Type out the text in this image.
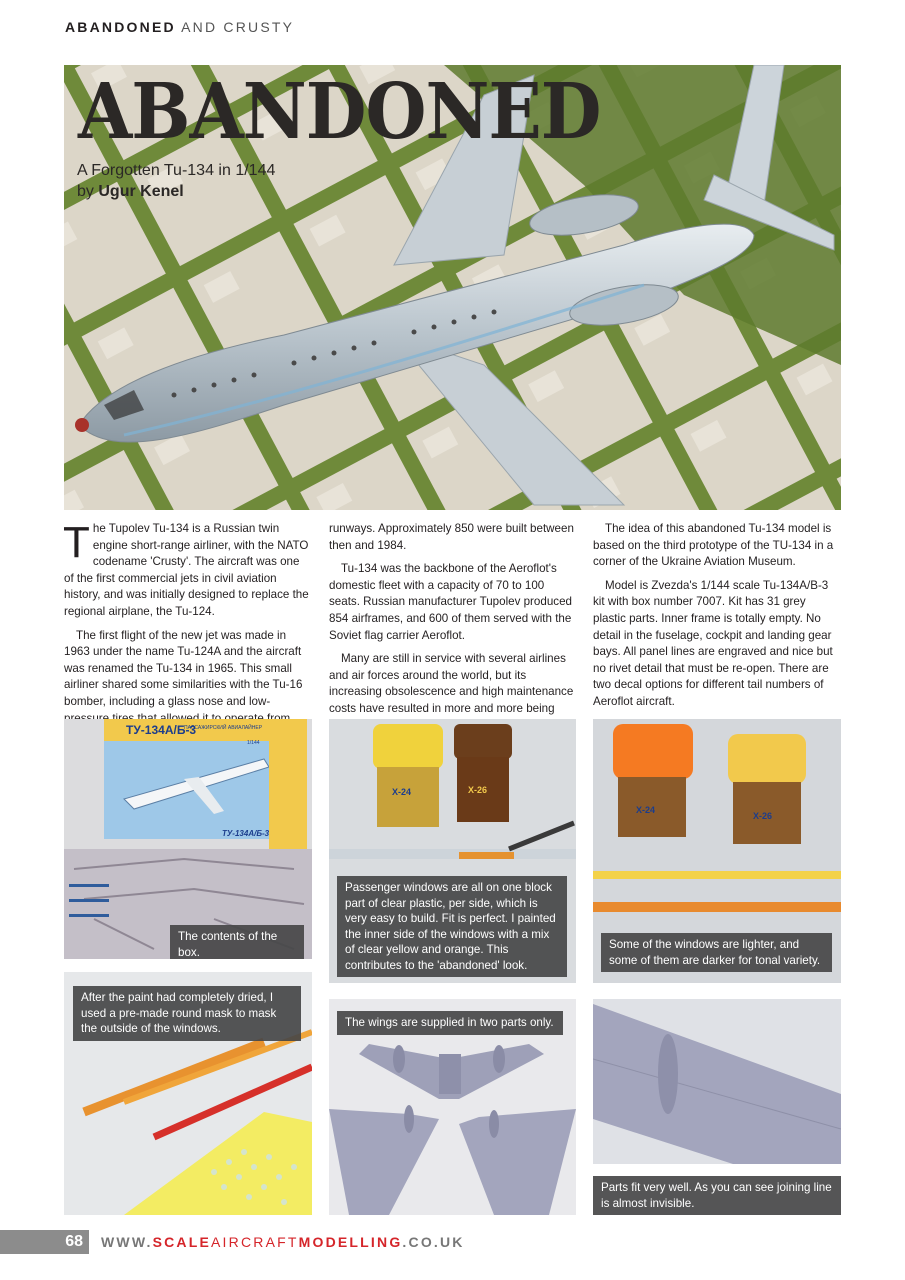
ABANDONED AND CRUSTY
ABANDONED
A Forgotten Tu-134 in 1/144
by Ugur Kenel

The Tupolev Tu-134 is a Russian twin engine short-range airliner, with the NATO codename 'Crusty'. The aircraft was one of the first commercial jets in civil aviation history, and was initially designed to replace the regional airplane, the Tu-124.

The first flight of the new jet was made in 1963 under the name Tu-124A and the aircraft was renamed the Tu-134 in 1965. This small airliner shared some similarities with the Tu-16 bomber, including a glass nose and low-

runways. Approximately 850 were built between then and 1984.

Tu-134 was the backbone of the Aeroflot's domestic fleet with a capacity of 70 to 100 seats. Russian manufacturer Tupolev produced 854 airframes, and 600 of them served with the Soviet flag carrier Aeroflot.

Many are still in service with several airlines and air forces around the world, but its increasing obsolescence and high maintenance costs have resulted in more and more being

The idea of this abandoned Tu-134 model is based on the third prototype of the TU-134 in a corner of the Ukraine Aviation Museum.

Model is Zvezda's 1/144 scale Tu-134A/B-3 kit with box number 7007. Kit has 31 grey plastic parts. Inner frame is totally empty. No detail in the fuselage, cockpit and landing gear bays. All panel lines are engraved and nice but no rivet detail that must be re-open. There are two decal options for different tail numbers of Aeroflot aircraft.

ТУ-134А/Б-3
ПАССАЖИРСКИЙ АВИАЛАЙНЕР
1/144
ТУ-134А/Б-3
The contents of the box.
X-24	X-26
Passenger windows are all on one block part of clear plastic, per side, which is very easy to build. Fit is perfect. I painted the inner side of the windows with a mix of clear yellow and orange. This contributes to the 'abandoned' look.
X-24
X-26
Some of the windows are lighter, and some of them are darker for tonal variety.
After the paint had completely dried, I used a pre-made round mask to mask the outside of the windows.	The wings are supplied in two parts only.
Parts fit very well. As you can see joining line is almost invisible.
68	WWW.SCALEAIRCRAFTMODELLING.CO.UK
